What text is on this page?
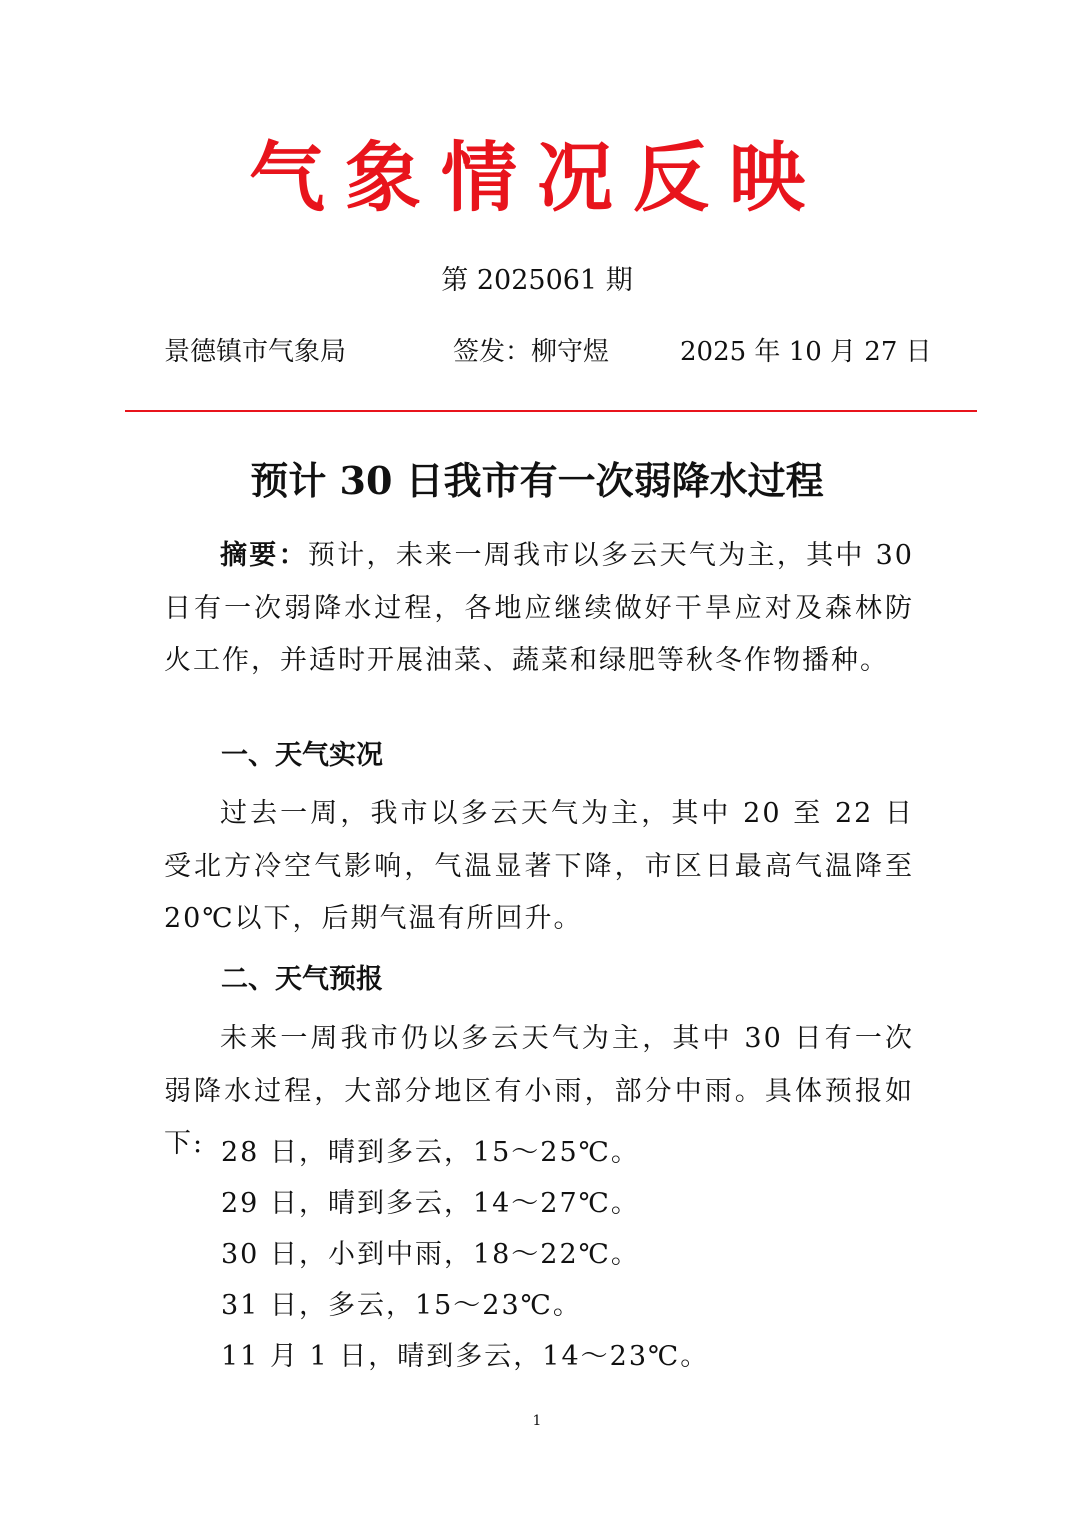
气象情况反映
第 2025061 期
景德镇市气象局	签发：柳守煜	2025 年 10 月 27 日
预计 30 日我市有一次弱降水过程
摘要：预计，未来一周我市以多云天气为主，其中 30 日有一次弱降水过程，各地应继续做好干旱应对及森林防火工作，并适时开展油菜、蔬菜和绿肥等秋冬作物播种。
一、天气实况
过去一周，我市以多云天气为主，其中 20 至 22 日受北方冷空气影响，气温显著下降，市区日最高气温降至 20℃以下，后期气温有所回升。
二、天气预报
未来一周我市仍以多云天气为主，其中 30 日有一次弱降水过程，大部分地区有小雨，部分中雨。具体预报如下: 28 日，晴到多云，15～25℃。
29 日，晴到多云，14～27℃。
30 日，小到中雨，18～22℃。
31 日，多云，15～23℃。
11 月 1 日，晴到多云，14～23℃。
1
